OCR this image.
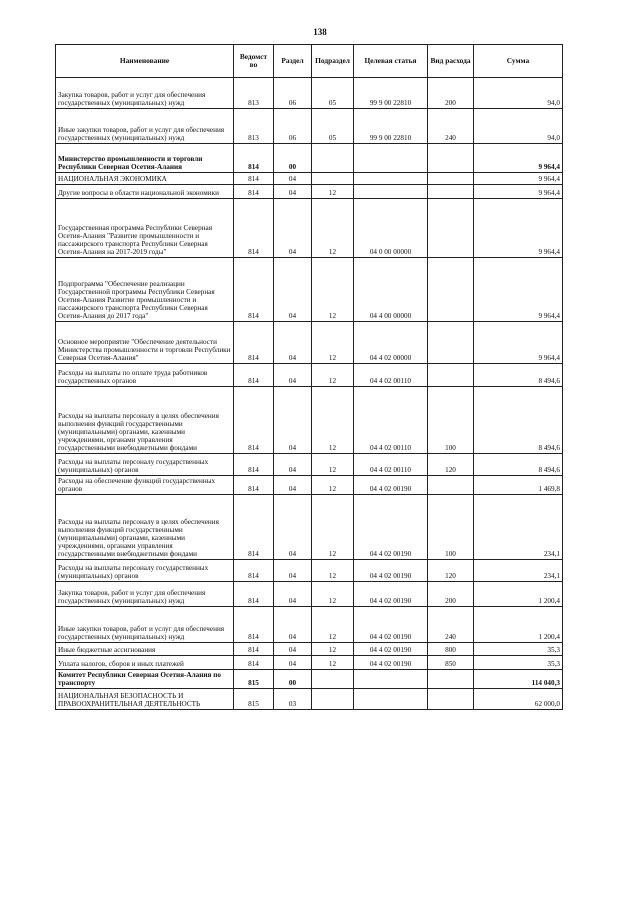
138
Наименование	Ведомст во	Раздел	Подраздел	Целевая статья	Вид расхода	Сумма
Закупка товаров, работ и услуг для обеспечения государственных (муниципальных) нужд	813	06	05	99 9 00 22810	200	94,0
Иные закупки товаров, работ и услуг для обеспечения государственных (муниципальных) нужд	813	06	05	99 9 00 22810	240	94,0
Министерство промышленности и торговли Республики Северная Осетия-Алания	814	00				9 964,4
НАЦИОНАЛЬНАЯ ЭКОНОМИКА	814	04				9 964,4
Другие вопросы в области национальной экономики	814	04	12			9 964,4
Государственная программа Республики Северная Осетия-Алания "Развитие промышленности и пассажирского транспорта Республики Северная Осетия-Алания на 2017-2019 годы"	814	04	12	04 0 00 00000		9 964,4
Подпрограмма "Обеспечение реализации Государственной программы Республики Северная Осетия-Алания Развитие промышленности и пассажирского транспорта Республики Северная Осетия-Алания до 2017 года"	814	04	12	04 4 00 00000		9 964,4
Основное мероприятие "Обеспечение деятельности Министерства промышленности и торговли Республики Северная Осетия-Алания"	814	04	12	04 4 02 00000		9 964,4
Расходы на выплаты по оплате труда работников государственных органов	814	04	12	04 4 02 00110		8 494,6
Расходы на выплаты персоналу в целях обеспечения выполнения функций государственными (муниципальными) органами, казенными учреждениями, органами управления государственными внебюджетными фондами	814	04	12	04 4 02 00110	100	8 494,6
Расходы на выплаты персоналу государственных (муниципальных) органов	814	04	12	04 4 02 00110	120	8 494,6
Расходы на обеспечение функций государственных органов	814	04	12	04 4 02 00190		1 469,8
Расходы на выплаты персоналу в целях обеспечения выполнения функций государственными (муниципальными) органами, казенными учреждениями, органами управления государственными внебюджетными фондами	814	04	12	04 4 02 00190	100	234,1
Расходы на выплаты персоналу государственных (муниципальных) органов	814	04	12	04 4 02 00190	120	234,1
Закупка товаров, работ и услуг для обеспечения государственных (муниципальных) нужд	814	04	12	04 4 02 00190	200	1 200,4
Иные закупки товаров, работ и услуг для обеспечения государственных (муниципальных) нужд	814	04	12	04 4 02 00190	240	1 200,4
Иные бюджетные ассигнования	814	04	12	04 4 02 00190	800	35,3
Уплата налогов, сборов и иных платежей	814	04	12	04 4 02 00190	850	35,3
Комитет Республики Северная Осетия-Алания по транспорту	815	00				114 040,3
НАЦИОНАЛЬНАЯ БЕЗОПАСНОСТЬ И ПРАВООХРАНИТЕЛЬНАЯ ДЕЯТЕЛЬНОСТЬ	815	03				62 000,0
